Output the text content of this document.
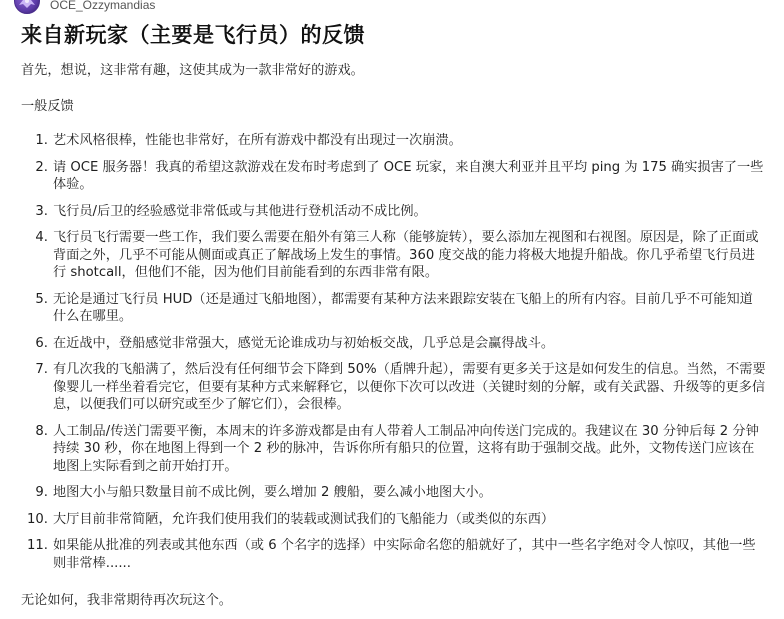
OCE_Ozzymandias
来自新玩家（主要是飞行员）的反馈

首先，想说，这非常有趣，这使其成为一款非常好的游戏。

一般反馈

1. 艺术风格很棒，性能也非常好，在所有游戏中都没有出现过一次崩溃。
2. 请 OCE 服务器！我真的希望这款游戏在发布时考虑到了 OCE 玩家，来自澳大利亚并且平均 ping 为 175 确实损害了一些体验。
3. 飞行员/后卫的经验感觉非常低或与其他进行登机活动不成比例。
4. 飞行员飞行需要一些工作，我们要么需要在船外有第三人称（能够旋转），要么添加左视图和右视图。原因是，除了正面或背面之外，几乎不可能从侧面或真正了解战场上发生的事情。360 度交战的能力将极大地提升船战。你几乎希望飞行员进行 shotcall，但他们不能，因为他们目前能看到的东西非常有限。
5. 无论是通过飞行员 HUD（还是通过飞船地图），都需要有某种方法来跟踪安装在飞船上的所有内容。目前几乎不可能知道什么在哪里。
6. 在近战中，登船感觉非常强大，感觉无论谁成功与初始板交战，几乎总是会赢得战斗。
7. 有几次我的飞船满了，然后没有任何细节会下降到 50%（盾牌升起），需要有更多关于这是如何发生的信息。当然，不需要像婴儿一样坐着看完它，但要有某种方式来解释它，以便你下次可以改进（关键时刻的分解，或有关武器、升级等的更多信息，以便我们可以研究或至少了解它们），会很棒。
8. 人工制品/传送门需要平衡，本周末的许多游戏都是由有人带着人工制品冲向传送门完成的。我建议在 30 分钟后每 2 分钟持续 30 秒，你在地图上得到一个 2 秒的脉冲，告诉你所有船只的位置，这将有助于强制交战。此外，文物传送门应该在地图上实际看到之前开始打开。
9. 地图大小与船只数量目前不成比例，要么增加 2 艘船，要么减小地图大小。
10. 大厅目前非常简陋，允许我们使用我们的装载或测试我们的飞船能力（或类似的东西）
11. 如果能从批准的列表或其他东西（或 6 个名字的选择）中实际命名您的船就好了，其中一些名字绝对令人惊叹，其他一些则非常棒......

无论如何，我非常期待再次玩这个。
